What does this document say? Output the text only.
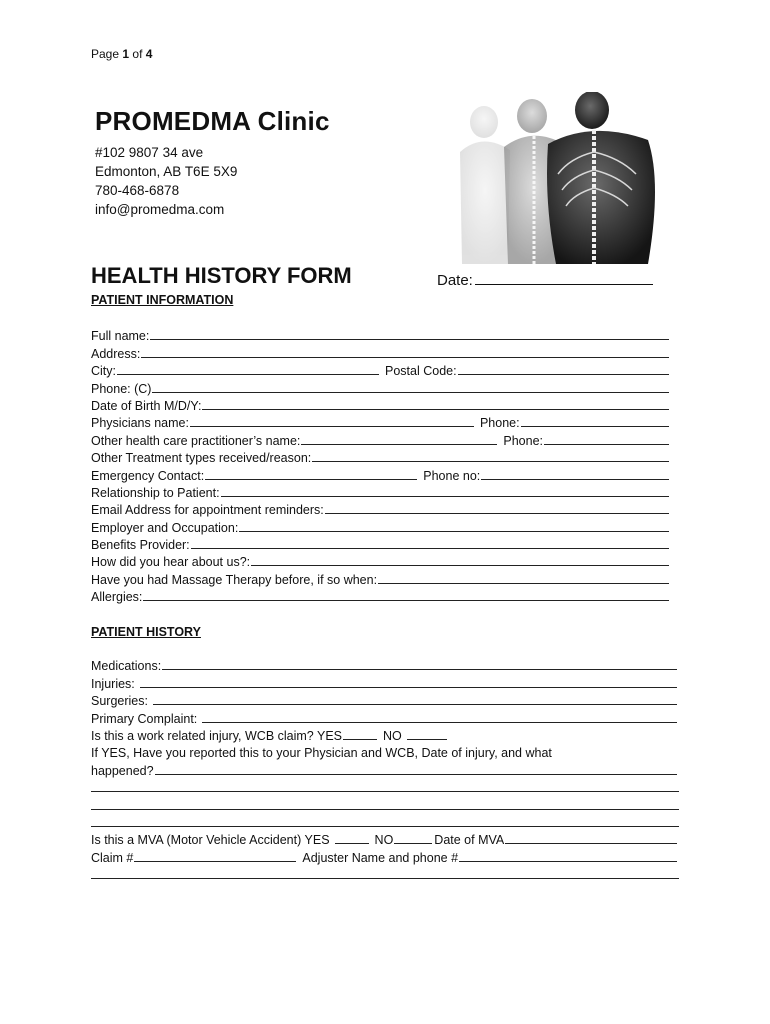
Page 1 of 4
PROMEDMA Clinic
#102 9807 34 ave
Edmonton, AB T6E 5X9
780-468-6878
info@promedma.com
HEALTH HISTORY FORM	Date:
PATIENT INFORMATION
Full name:
Address:
City:	Postal Code:
Phone: (C)
Date of Birth M/D/Y:
Physicians name:	Phone:
Other health care practitioner’s name:	Phone:
Other Treatment types received/reason:
Emergency Contact:	Phone no:
Relationship to Patient:
Email Address for appointment reminders:
Employer and Occupation:
Benefits Provider:
How did you hear about us?:
Have you had Massage Therapy before, if so when:
Allergies:
PATIENT HISTORY
Medications:
Injuries:
Surgeries:
Primary Complaint:
Is this a work related injury, WCB claim? YES	NO
If YES, Have you reported this to your Physician and WCB, Date of injury, and what
happened?
Is this a MVA (Motor Vehicle Accident) YES	NO	Date of MVA
Claim #	Adjuster Name and phone #
